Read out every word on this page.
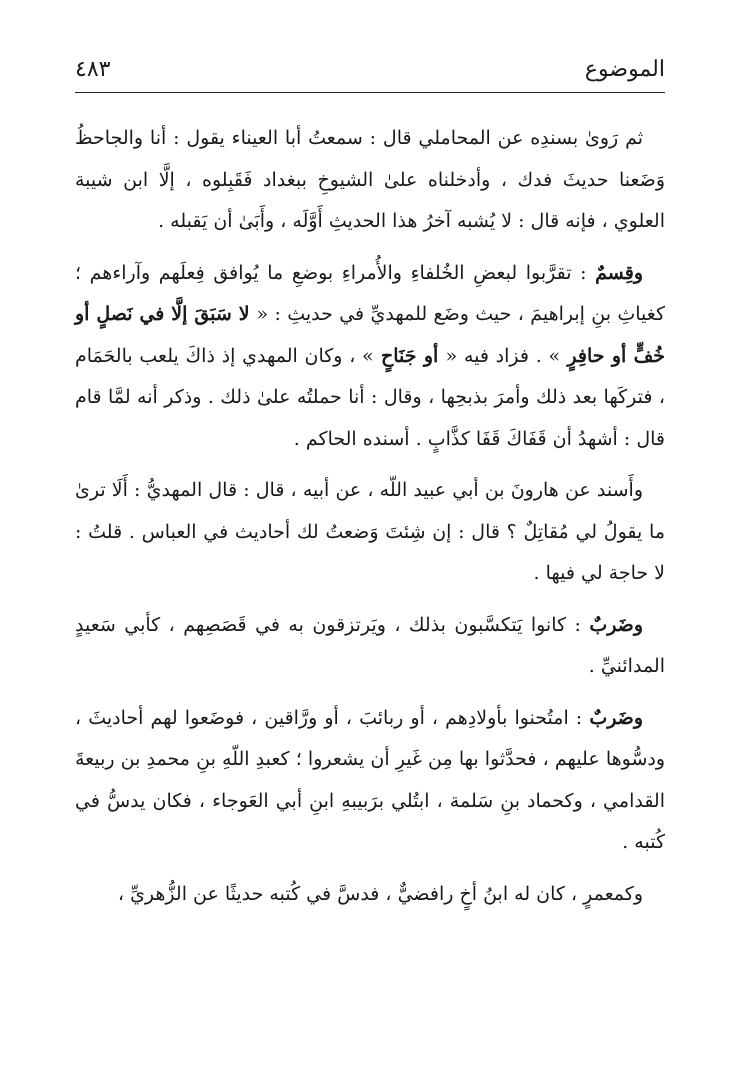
الموضوع
٤٨٣

ثم رَوىٰ بسندِه عن المحاملي قال : سمعتُ أبا العيناء يقول : أنا والجاحظُ وَضَعنا حديثَ فدك ، وأدخلناه علىٰ الشيوخِ ببغداد فَقَبِلوه ، إلَّا ابن شيبة العلوي ، فإنه قال : لا يُشبه آخرُ هذا الحديثِ أَوَّلَه ، وأَبَىٰ أن يَقبله .

وقِسمٌ : تقرَّبوا لبعضِ الخُلفاءِ والأُمراءِ بوضعِ ما يُوافق فِعلَهم وآراءهم ؛ كغياثِ بنِ إبراهيمَ ، حيث وضَع للمهديِّ في حديثِ : « لا سَبَقَ إلَّا في نَصلٍ أو خُفٍّ أو حافِرٍ » . فزاد فيه « أو جَنَاحٍ » ، وكان المهدي إذ ذاكَ يلعب بالحَمَام ، فتركَها بعد ذلك وأمرَ بذبحِها ، وقال : أنا حملتُه علىٰ ذلك . وذكر أنه لمَّا قام قال : أشهدُ أن قَفَاكَ قَفَا كذَّابٍ . أسنده الحاكم .

وأَسند عن هارونَ بن أبي عبيد اللّه ، عن أبيه ، قال : قال المهديُّ : أَلَا ترىٰ ما يقولُ لي مُقاتِلٌ ؟ قال : إن شِئتَ وَضعتُ لك أحاديث في العباس . قلتُ : لا حاجة لي فيها .

وضَربٌ : كانوا يَتكسَّبون بذلك ، ويَرتزقون به في قَصَصِهم ، كأبي سَعيدٍ المدائنيِّ .

وضَربٌ : امتُحنوا بأولادِهم ، أو ربائبَ ، أو ورَّاقين ، فوضَعوا لهم أحاديثَ ، ودسُّوها عليهم ، فحدَّثوا بها مِن غَيرِ أن يشعروا ؛ كعبدِ اللّهِ بنِ محمدِ بن ربيعةَ القدامي ، وكحماد بنِ سَلمة ، ابتُلي برَبيبهِ ابنِ أبي العَوجاء ، فكان يدسُّ في كُتبه .

وكمعمرٍ ، كان له ابنُ أخٍ رافضيٌّ ، فدسَّ في كُتبه حديثًا عن الزُّهريِّ ،
